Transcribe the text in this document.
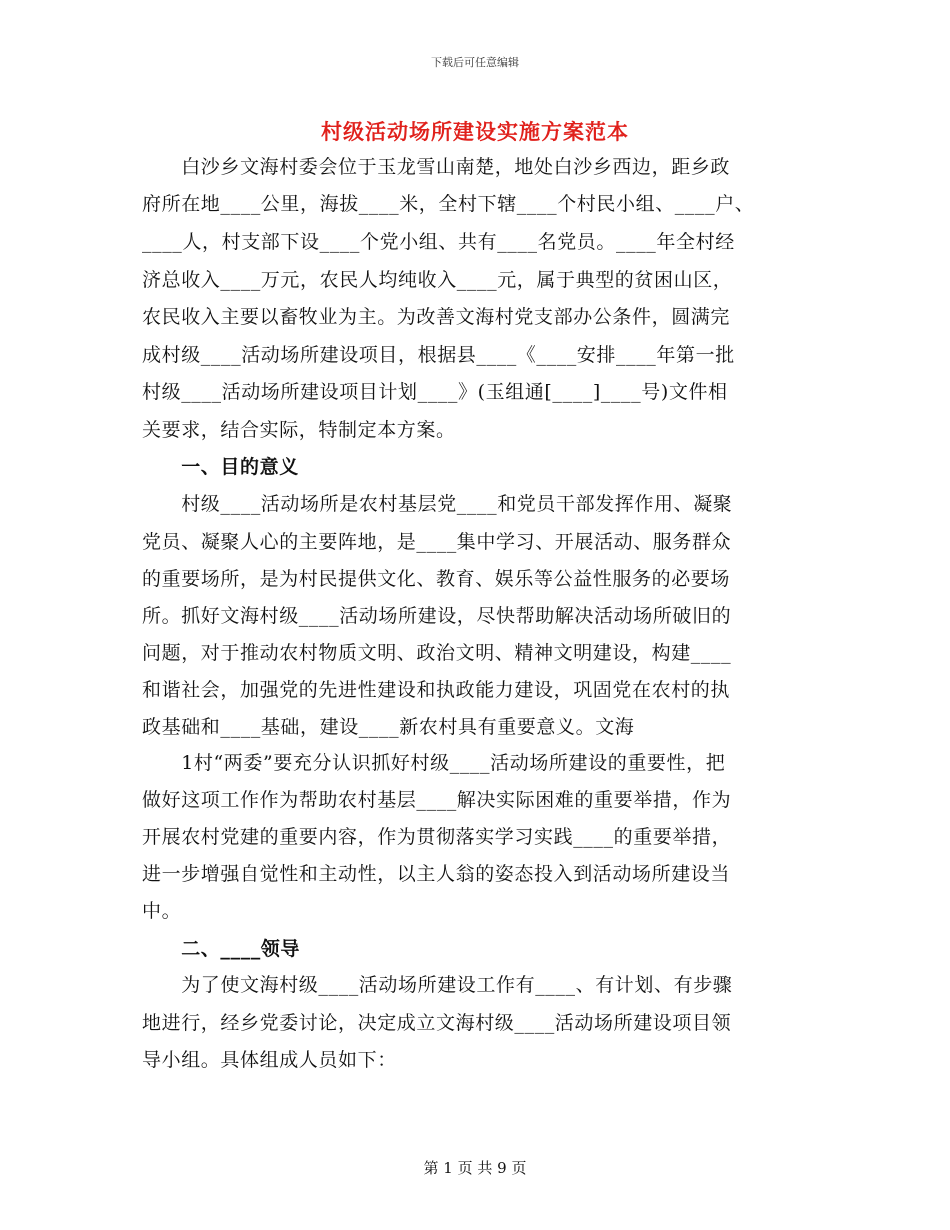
下载后可任意编辑
村级活动场所建设实施方案范本
　　白沙乡文海村委会位于玉龙雪山南楚，地处白沙乡西边，距乡政
府所在地____公里，海拔____米，全村下辖____个村民小组、____户、
____人，村支部下设____个党小组、共有____名党员。____年全村经
济总收入____万元，农民人均纯收入____元，属于典型的贫困山区，
农民收入主要以畜牧业为主。为改善文海村党支部办公条件，圆满完
成村级____活动场所建设项目，根据县____《____安排____年第一批
村级____活动场所建设项目计划____》(玉组通[____]____号)文件相
关要求，结合实际，特制定本方案。
　　一、目的意义
　　村级____活动场所是农村基层党____和党员干部发挥作用、凝聚
党员、凝聚人心的主要阵地，是____集中学习、开展活动、服务群众
的重要场所，是为村民提供文化、教育、娱乐等公益性服务的必要场
所。抓好文海村级____活动场所建设，尽快帮助解决活动场所破旧的
问题，对于推动农村物质文明、政治文明、精神文明建设，构建____
和谐社会，加强党的先进性建设和执政能力建设，巩固党在农村的执
政基础和____基础，建设____新农村具有重要意义。文海
　　1村“两委”要充分认识抓好村级____活动场所建设的重要性，把
做好这项工作作为帮助农村基层____解决实际困难的重要举措，作为
开展农村党建的重要内容，作为贯彻落实学习实践____的重要举措，
进一步增强自觉性和主动性，以主人翁的姿态投入到活动场所建设当
中。
　　二、____领导
　　为了使文海村级____活动场所建设工作有____、有计划、有步骤
地进行，经乡党委讨论，决定成立文海村级____活动场所建设项目领
导小组。具体组成人员如下：
第 1 页 共 9 页
